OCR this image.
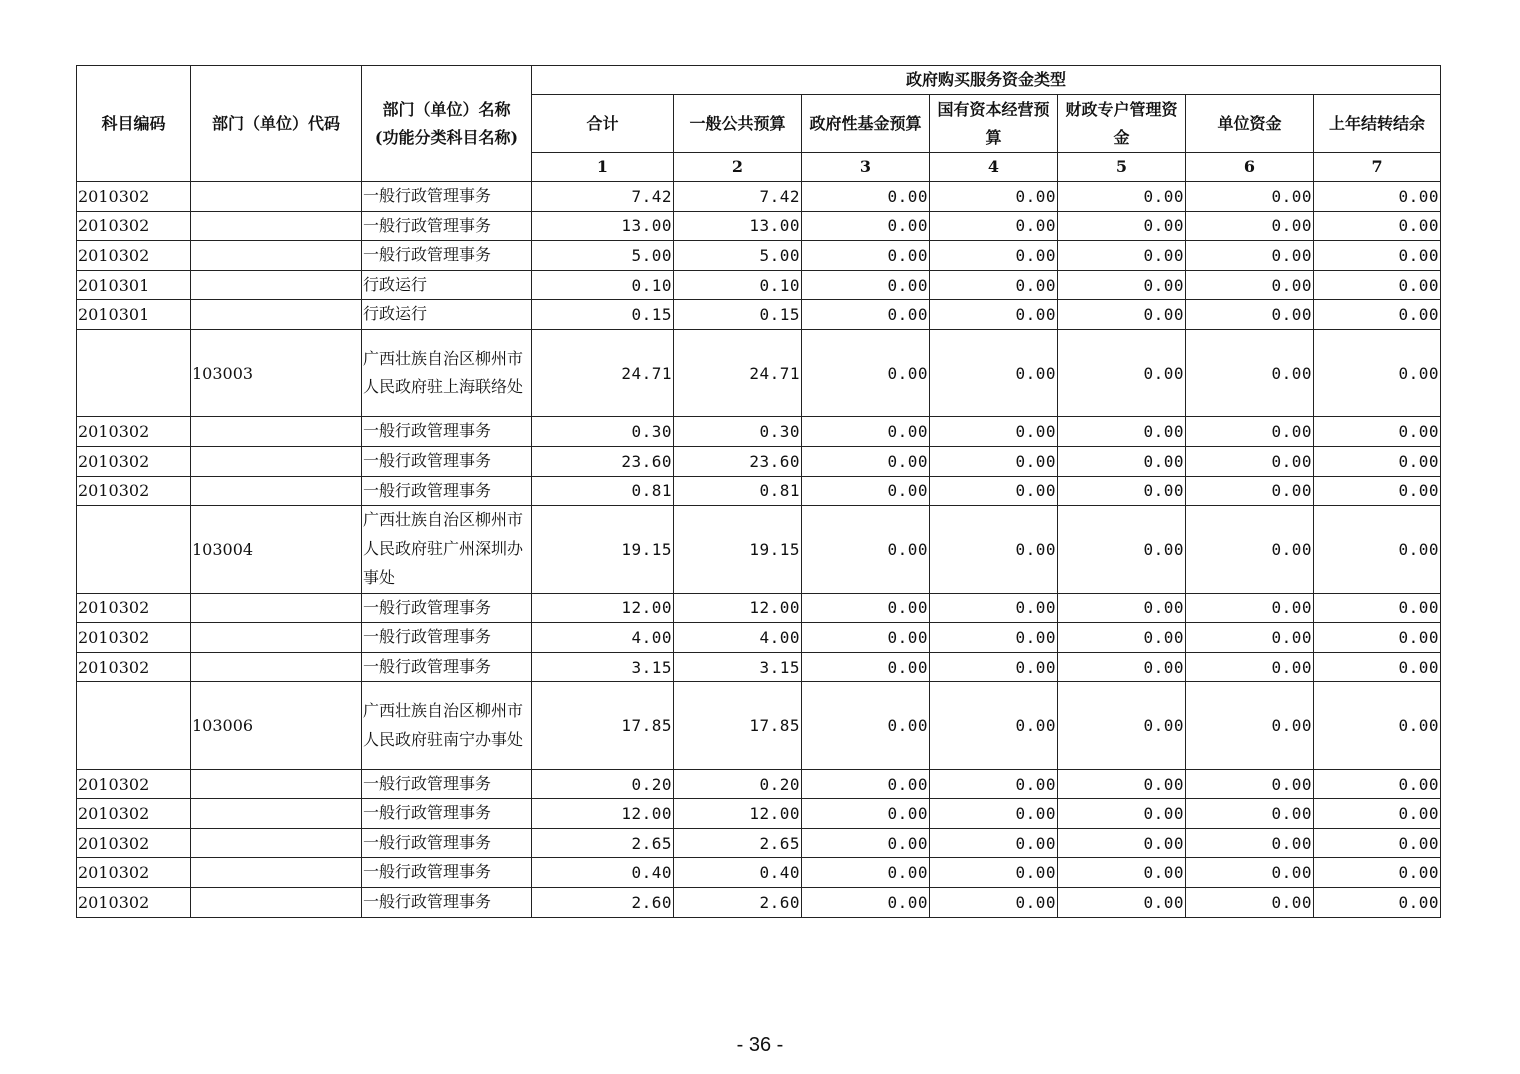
科目编码	部门（单位）代码	部门（单位）名称
(功能分类科目名称)	政府购买服务资金类型						
			合计	一般公共预算	政府性基金预算	国有资本经营预算	财政专户管理资金	单位资金	上年结转结余
			1	2	3	4	5	6	7
2010302		一般行政管理事务	7.42	7.42	0.00	0.00	0.00	0.00	0.00
2010302		一般行政管理事务	13.00	13.00	0.00	0.00	0.00	0.00	0.00
2010302		一般行政管理事务	5.00	5.00	0.00	0.00	0.00	0.00	0.00
2010301		行政运行	0.10	0.10	0.00	0.00	0.00	0.00	0.00
2010301		行政运行	0.15	0.15	0.00	0.00	0.00	0.00	0.00
	103003	广西壮族自治区柳州市人民政府驻上海联络处	24.71	24.71	0.00	0.00	0.00	0.00	0.00
2010302		一般行政管理事务	0.30	0.30	0.00	0.00	0.00	0.00	0.00
2010302		一般行政管理事务	23.60	23.60	0.00	0.00	0.00	0.00	0.00
2010302		一般行政管理事务	0.81	0.81	0.00	0.00	0.00	0.00	0.00
	103004	广西壮族自治区柳州市人民政府驻广州深圳办事处	19.15	19.15	0.00	0.00	0.00	0.00	0.00
2010302		一般行政管理事务	12.00	12.00	0.00	0.00	0.00	0.00	0.00
2010302		一般行政管理事务	4.00	4.00	0.00	0.00	0.00	0.00	0.00
2010302		一般行政管理事务	3.15	3.15	0.00	0.00	0.00	0.00	0.00
	103006	广西壮族自治区柳州市人民政府驻南宁办事处	17.85	17.85	0.00	0.00	0.00	0.00	0.00
2010302		一般行政管理事务	0.20	0.20	0.00	0.00	0.00	0.00	0.00
2010302		一般行政管理事务	12.00	12.00	0.00	0.00	0.00	0.00	0.00
2010302		一般行政管理事务	2.65	2.65	0.00	0.00	0.00	0.00	0.00
2010302		一般行政管理事务	0.40	0.40	0.00	0.00	0.00	0.00	0.00
2010302		一般行政管理事务	2.60	2.60	0.00	0.00	0.00	0.00	0.00
- 36 -
